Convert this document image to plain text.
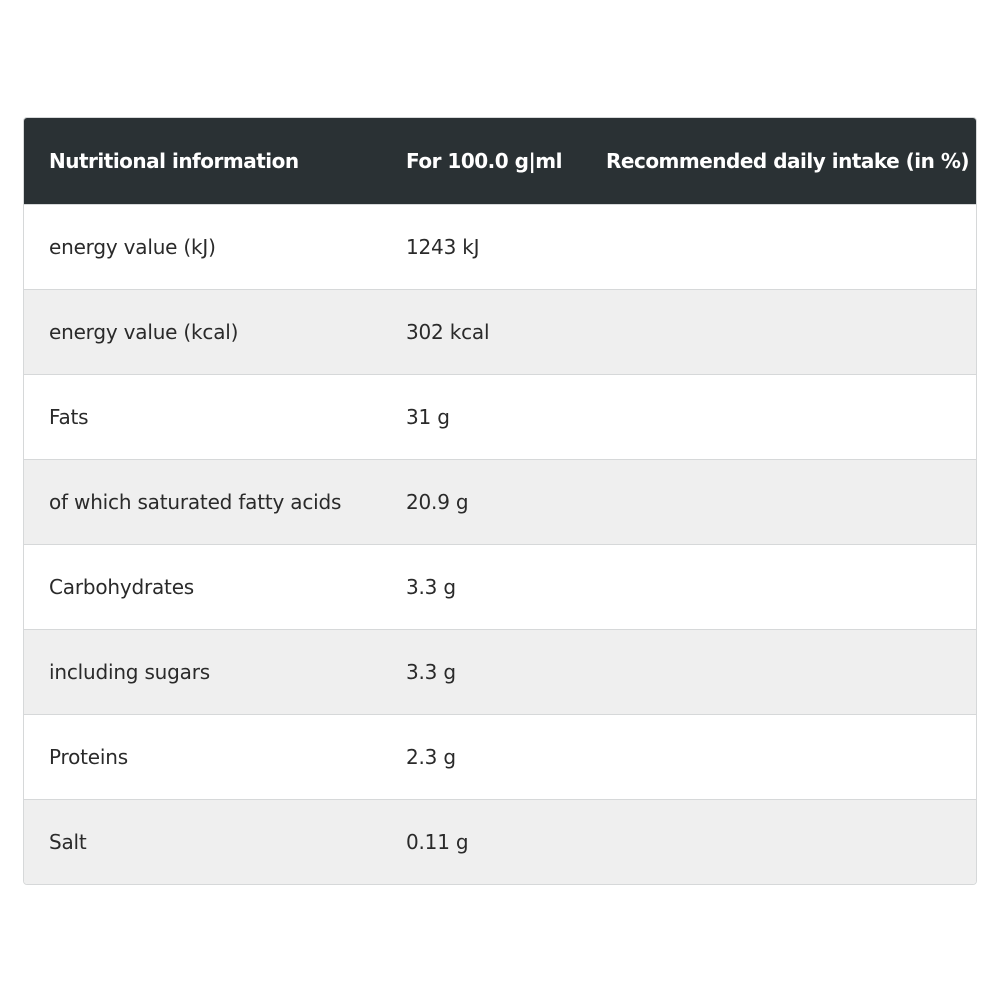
Nutritional information	For 100.0 g|ml	Recommended daily intake (in %)
energy value (kJ)	1243 kJ
energy value (kcal)	302 kcal
Fats	31 g
of which saturated fatty acids	20.9 g
Carbohydrates	3.3 g
including sugars	3.3 g
Proteins	2.3 g
Salt	0.11 g
